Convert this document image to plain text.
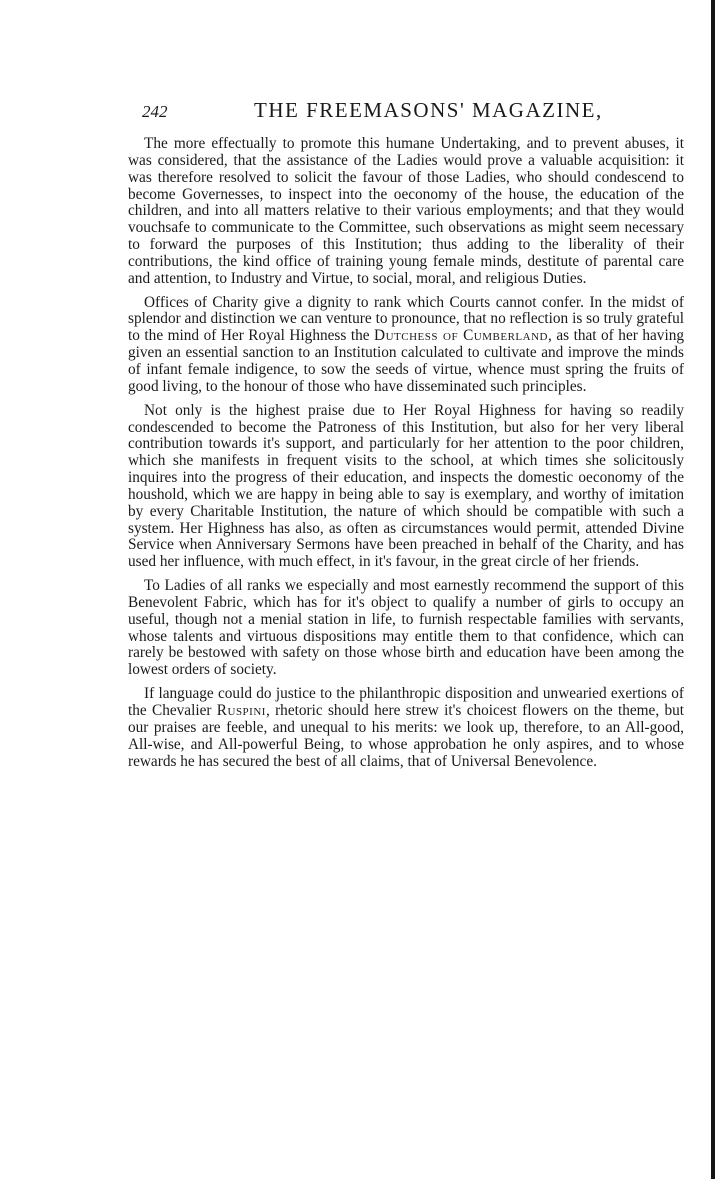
242	THE FREEMASONS' MAGAZINE,

The more effectually to promote this humane Undertaking, and to prevent abuses, it was considered, that the assistance of the Ladies would prove a valuable acquisition: it was therefore resolved to solicit the favour of those Ladies, who should condescend to become Governesses, to inspect into the oeconomy of the house, the education of the children, and into all matters relative to their various employments; and that they would vouchsafe to communicate to the Committee, such observations as might seem necessary to forward the purposes of this Institution; thus adding to the liberality of their contributions, the kind office of training young female minds, destitute of parental care and attention, to Industry and Virtue, to social, moral, and religious Duties.

Offices of Charity give a dignity to rank which Courts cannot confer. In the midst of splendor and distinction we can venture to pronounce, that no reflection is so truly grateful to the mind of Her Royal Highness the Dutchess of Cumberland, as that of her having given an essential sanction to an Institution calculated to cultivate and improve the minds of infant female indigence, to sow the seeds of virtue, whence must spring the fruits of good living, to the honour of those who have disseminated such principles.

Not only is the highest praise due to Her Royal Highness for having so readily condescended to become the Patroness of this Institution, but also for her very liberal contribution towards it's support, and particularly for her attention to the poor children, which she manifests in frequent visits to the school, at which times she solicitously inquires into the progress of their education, and inspects the domestic oeconomy of the houshold, which we are happy in being able to say is exemplary, and worthy of imitation by every Charitable Institution, the nature of which should be compatible with such a system. Her Highness has also, as often as circumstances would permit, attended Divine Service when Anniversary Sermons have been preached in behalf of the Charity, and has used her influence, with much effect, in it's favour, in the great circle of her friends.

To Ladies of all ranks we especially and most earnestly recommend the support of this Benevolent Fabric, which has for it's object to qualify a number of girls to occupy an useful, though not a menial station in life, to furnish respectable families with servants, whose talents and virtuous dispositions may entitle them to that confidence, which can rarely be bestowed with safety on those whose birth and education have been among the lowest orders of society.

If language could do justice to the philanthropic disposition and unwearied exertions of the Chevalier Ruspini, rhetoric should here strew it's choicest flowers on the theme, but our praises are feeble, and unequal to his merits: we look up, therefore, to an All-good, All-wise, and All-powerful Being, to whose approbation he only aspires, and to whose rewards he has secured the best of all claims, that of Universal Benevolence.
